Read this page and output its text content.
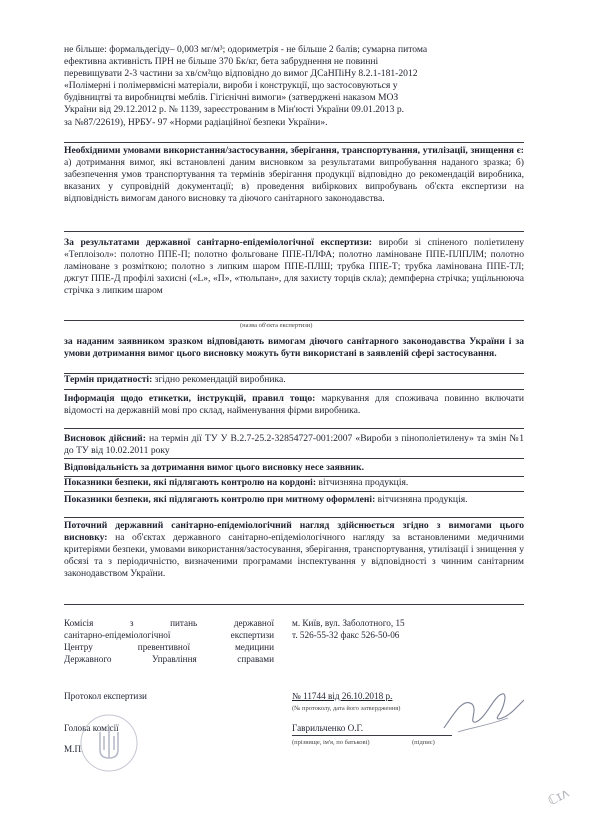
не більше: формальдегіду– 0,003 мг/м³; одориметрія - не більше 2 балів; сумарна питома

ефективна активність ПРН не більше 370 Бк/кг, бета забруднення не повинні

перевищувати 2-3 частини за хв/см²що відповідно до вимог ДСаНПіНу 8.2.1-181-2012

«Полімерні і полімервмісні матеріали, вироби і конструкції, що застосовуються у

будівництві та виробництві меблів. Гігієнічні вимоги» (затверджені наказом МОЗ

України від 29.12.2012 р. № 1139, зареєстрованим в Мін'юсті України 09.01.2013 р.

за №87/22619), НРБУ- 97 «Норми радіаційної безпеки України».

Необхідними умовами використання/застосування, зберігання, транспортування, утилізації, знищення є: а) дотримання вимог, які встановлені даним висновком за результатами випробування наданого зразка; б) забезпечення умов транспортування та термінів зберігання продукції відповідно до рекомендацій виробника, вказаних у супровідній документації; в) проведення вибіркових випробувань об'єкта експертизи на відповідність вимогам даного висновку та діючого санітарного законодавства.

За результатами державної санітарно-епідеміологічної експертизи: вироби зі спіненого поліетилену «Теплоізол»: полотно ППЕ-П; полотно фольговане ППЕ-ПЛФА; полотно ламіноване ППЕ-ПЛПЛМ; полотно ламіноване з розміткою; полотно з липким шаром ППЕ-ПЛШ; трубка ППЕ-Т; трубка ламінована ППЕ-ТЛ; джгут ППЕ-Д профілі захисні («L», «П», «тюльпан», для захисту торців скла); демпферна стрічка; ущільнююча стрічка з липким шаром

(назва об'єкта експертизи)
за наданим заявником зразком відповідають вимогам діючого санітарного законодавства України і за умови дотримання вимог цього висновку можуть бути використані в заявленій сфері застосування.

Термін придатності: згідно рекомендацій виробника.

Інформація щодо етикетки, інструкцій, правил тощо: маркування для споживача повинно включати відомості на державній мові про склад, найменування фірми виробника.

Висновок дійсний: на термін дії ТУ У В.2.7-25.2-32854727-001:2007 «Вироби з пінополіетилену» та змін №1 до ТУ від 10.02.2011 року

Відповідальність за дотримання вимог цього висновку несе заявник.

Показники безпеки, які підлягають контролю на кордоні: вітчизняна продукція.

Показники безпеки, які підлягають контролю при митному оформлені: вітчизняна продукція.

Поточний державний санітарно-епідеміологічний нагляд здійснюється згідно з вимогами цього висновку: на об'єктах державного санітарно-епідеміологічного нагляду за встановленими медичними критеріями безпеки, умовами використання/застосування, зберігання, транспортування, утилізації і знищення у обсязі та з періодичністю, визначеними програмами інспектування у відповідності з чинним санітарним законодавством України.

Комісія з питань державної
санітарно-епідеміологічної експертизи
Центру превентивної медицини
Державного Управління справами
м. Київ, вул. Заболотного, 15
т. 526-55-32 факс 526-50-06
Протокол експертизи	№ 11744 від 26.10.2018 р.
(№ протоколу, дата його затвердження)
Голова комісії	Гаврильченко О.Г.
(прізвище, ім'я, по батькові)	(підпис)
М.П.
ℂɪᴧ
